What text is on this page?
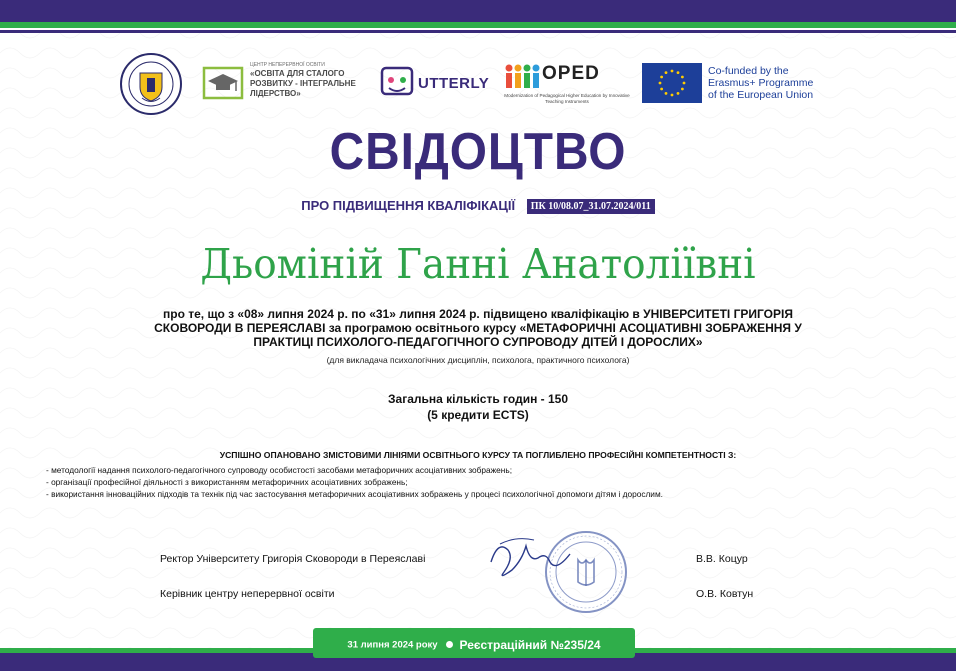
ЦЕНТР НЕПЕРЕРВНОЇ ОСВІТИ
«ОСВІТА ДЛЯ СТАЛОГО
РОЗВИТКУ - ІНТЕГРАЛЬНЕ
ЛІДЕРСТВО»
UTTERLY	OPED
Modernization of Pedagogical Higher Education by Innovative Teaching Instruments
Co-funded by the
Erasmus+ Programme
of the European Union
СВІДОЦТВО
ПРО ПІДВИЩЕННЯ КВАЛІФІКАЦІЇ ПК 10/08.07_31.07.2024/011
Дьоміній Ганні Анатоліївні
про те, що з «08» липня 2024 р. по «31» липня 2024 р. підвищено кваліфікацію в УНІВЕРСИТЕТІ ГРИГОРІЯ
СКОВОРОДИ В ПЕРЕЯСЛАВІ за програмою освітнього курсу «МЕТАФОРИЧНІ АСОЦІАТИВНІ ЗОБРАЖЕННЯ У
ПРАКТИЦІ ПСИХОЛОГО-ПЕДАГОГІЧНОГО СУПРОВОДУ ДІТЕЙ І ДОРОСЛИХ»
(для викладача психологічних дисциплін, психолога, практичного психолога)
Загальна кількість годин - 150
(5 кредити ECTS)
УСПІШНО ОПАНОВАНО ЗМІСТОВИМИ ЛІНІЯМИ ОСВІТНЬОГО КУРСУ ТА ПОГЛИБЛЕНО ПРОФЕСІЙНІ КОМПЕТЕНТНОСТІ З:
- методології надання психолого-педагогічного супроводу особистості засобами метафоричних асоціативних зображень;
- організації професійної діяльності з використанням метафоричних асоціативних зображень;
- використання інноваційних підходів та технік під час застосування метафоричних асоціативних зображень у процесі психологічної допомоги дітям і дорослим.
Ректор Університету Григорія Сковороди в Переяславі	В.В. Коцур
Керівник центру неперервної освіти	О.В. Ковтун
31 липня 2024 року Реєстраційний №235/24
